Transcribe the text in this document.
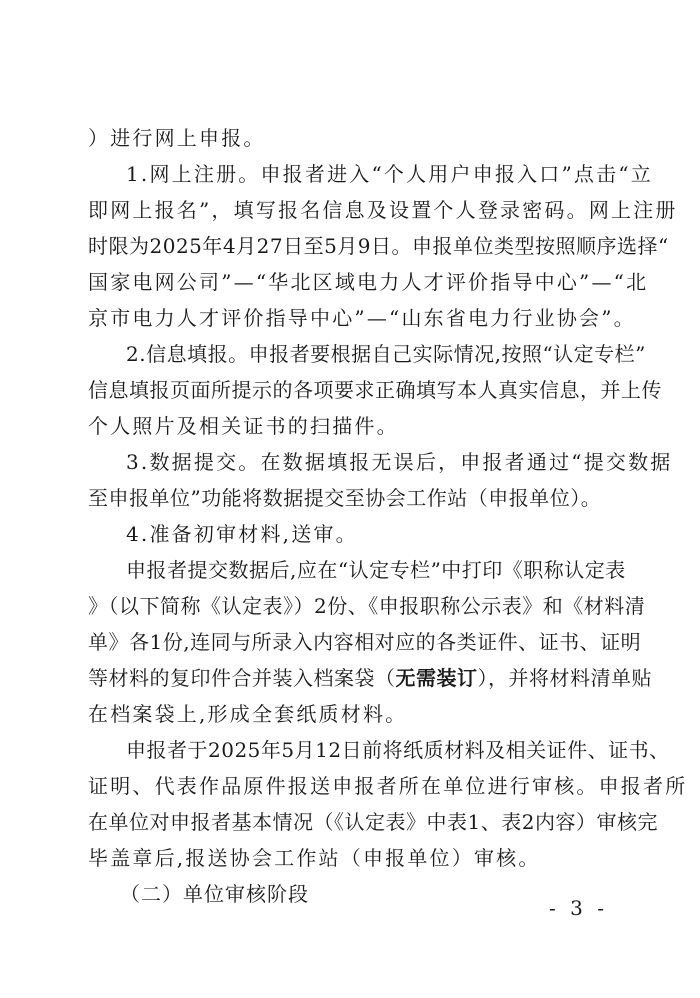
）进行网上申报。
1.网上注册。申报者进入“个人用户申报入口”点击“立
即网上报名”，填写报名信息及设置个人登录密码。网上注册
时限为2025年4月27日至5月9日。申报单位类型按照顺序选择“
国家电网公司”—“华北区域电力人才评价指导中心”—“北
京市电力人才评价指导中心”—“山东省电力行业协会”。
2.信息填报。申报者要根据自己实际情况,按照“认定专栏”
信息填报页面所提示的各项要求正确填写本人真实信息，并上传
个人照片及相关证书的扫描件。
3.数据提交。在数据填报无误后，申报者通过“提交数据
至申报单位”功能将数据提交至协会工作站（申报单位）。
4.准备初审材料,送审。
申报者提交数据后,应在“认定专栏”中打印《职称认定表
》（以下简称《认定表》）2份、《申报职称公示表》和《材料清
单》各1份,连同与所录入内容相对应的各类证件、证书、证明
等材料的复印件合并装入档案袋（无需装订），并将材料清单贴
在档案袋上,形成全套纸质材料。
申报者于2025年5月12日前将纸质材料及相关证件、证书、
证明、代表作品原件报送申报者所在单位进行审核。申报者所
在单位对申报者基本情况（《认定表》中表1、表2内容）审核完
毕盖章后,报送协会工作站（申报单位）审核。
（二）单位审核阶段
- 3 -
